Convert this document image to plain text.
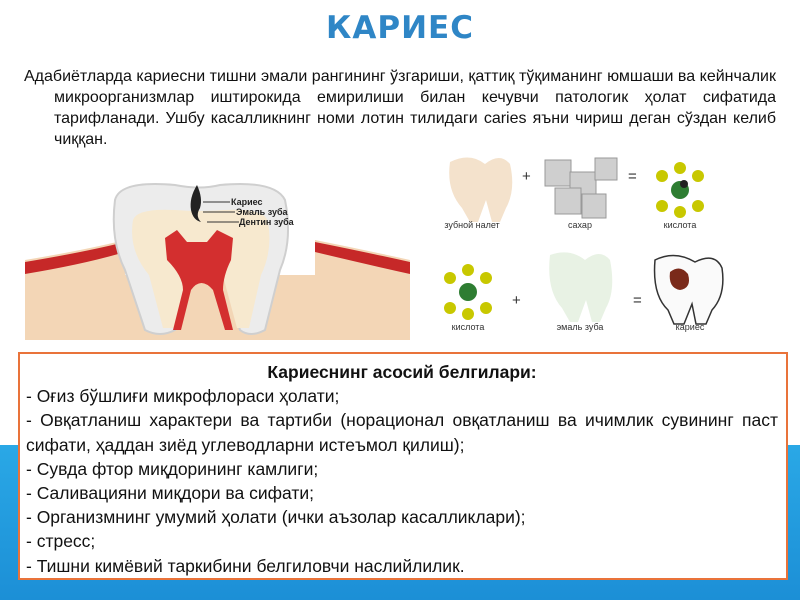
КАРИЕС
Адабиётларда кариесни тишни эмали рангининг ўзгариши, қаттиқ тўқиманинг юмшаши ва кейнчалик микроорганизмлар иштирокида емирилиши билан кечувчи патологик ҳолат сифатида тарифланади. Ушбу касалликнинг номи лотин тилидаги caries яъни чириш деган сўздан келиб чиққан.
Кариес
Эмаль зуба
Дентин зуба
+	=
зубной налет	сахар	кислота
+	=
кислота	эмаль зуба	кариес
Кариеснинг асосий белгилари:
- Оғиз бўшлиғи микрофлораси ҳолати;
- Овқатланиш характери ва тартиби (норационал овқатланиш ва ичимлик сувининг паст сифати, ҳаддан зиёд углеводларни истеъмол қилиш);
- Сувда фтор миқдорининг камлиги;
- Саливацияни миқдори ва сифати;
- Организмнинг умумий ҳолати (ички аъзолар касалликлари);
- стресс;
- Тишни кимёвий таркибини белгиловчи наслийлилик.
